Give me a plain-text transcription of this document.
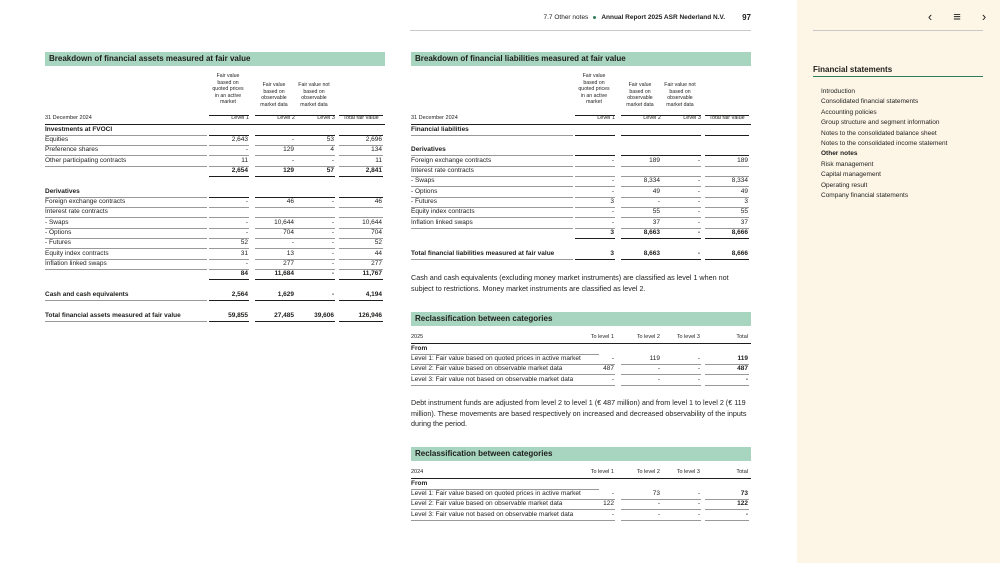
7.7 Other notes Annual Report 2025 ASR Nederland N.V. 97
Breakdown of financial assets measured at fair value
Fair value
based on
quoted prices
in an active
market
Fair value
based on
observable
market data
Fair value not
based on
observable
market data
31 December 2024	Level 1	Level 2	Level 3	Total fair value
Investments at FVOCI
Equities	2,643	-	53	2,696
Preference shares	-	129	4	134
Other participating contracts	11	-	-	11
2,654	129	57	2,841
Derivatives
Foreign exchange contracts	-	46	-	46
Interest rate contracts
- Swaps	-	10,644	-	10,644
- Options	-	704	-	704
- Futures	52	-	-	52
Equity index contracts	31	13	-	44
Inflation linked swaps	-	277	-	277
84	11,684	-	11,767
Cash and cash equivalents	2,564	1,629	-	4,194
Total financial assets measured at fair value	59,855	27,485	39,606	126,946
Breakdown of financial liabilities measured at fair value
Fair value
based on
quoted prices
in an active
market
Fair value
based on
observable
market data
Fair value not
based on
observable
market data
31 December 2024	Level 1	Level 2	Level 3	Total fair value
Financial liabilities
Derivatives
Foreign exchange contracts	-	189	-	189
Interest rate contracts
- Swaps	-	8,334	-	8,334
- Options	-	49	-	49
- Futures	3	-	-	3
Equity index contracts	-	55	-	55
Inflation linked swaps	-	37	-	37
3	8,663	-	8,666
Total financial liabilities measured at fair value	3	8,663	-	8,666
Cash and cash equivalents (excluding money market instruments) are classified as level 1 when not subject to restrictions. Money market instruments are classified as level 2.
Reclassification between categories
2025	To level 1	To level 2	To level 3	Total
From
Level 1: Fair value based on quoted prices in active market	-	119	-	119
Level 2: Fair value based on observable market data	487	-	-	487
Level 3: Fair value not based on observable market data	-	-	-	-
Debt instrument funds are adjusted from level 2 to level 1 (€ 487 million) and from level 1 to level 2 (€ 119 million). These movements are based respectively on increased and decreased observability of the inputs during the period.
Reclassification between categories
2024	To level 1	To level 2	To level 3	Total
From
Level 1: Fair value based on quoted prices in active market	-	73	-	73
Level 2: Fair value based on observable market data	122	-	-	122
Level 3: Fair value not based on observable market data	-	-	-	-
‹	≡	›
Financial statements
Introduction
Consolidated financial statements
Accounting policies
Group structure and segment information
Notes to the consolidated balance sheet
Notes to the consolidated income statement
Other notes
Risk management
Capital management
Operating result
Company financial statements
